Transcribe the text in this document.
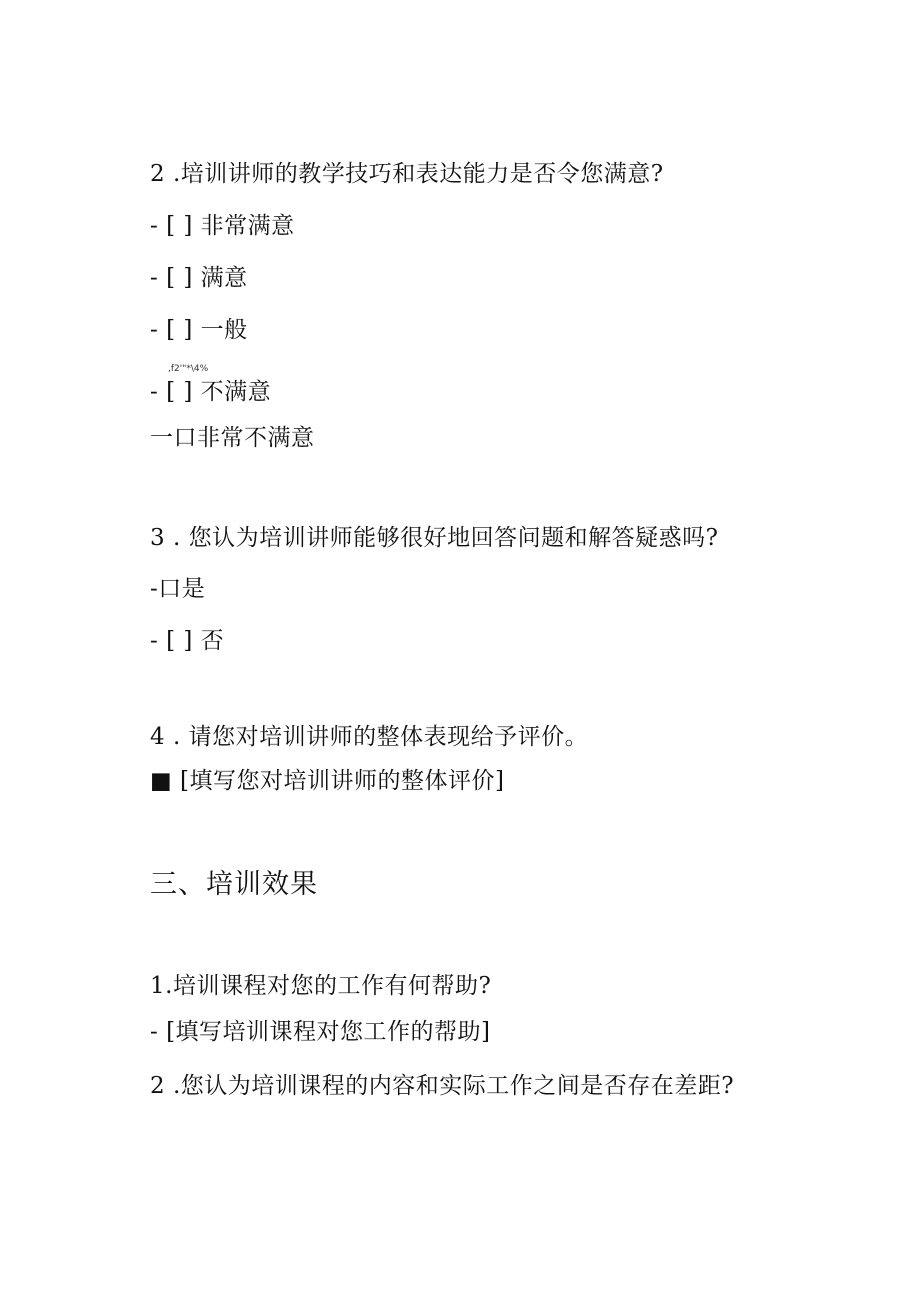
2 .培训讲师的教学技巧和表达能力是否令您满意?
- [ ] 非常满意
- [ ] 满意
- [ ] 一般
,f2'"*\4%
- [ ] 不满意
一口非常不满意
3 . 您认为培训讲师能够很好地回答问题和解答疑惑吗?
-口是
- [ ] 否
4 . 请您对培训讲师的整体表现给予评价。
■ [填写您对培训讲师的整体评价]
三、培训效果
1.培训课程对您的工作有何帮助?
- [填写培训课程对您工作的帮助]
2 .您认为培训课程的内容和实际工作之间是否存在差距?
